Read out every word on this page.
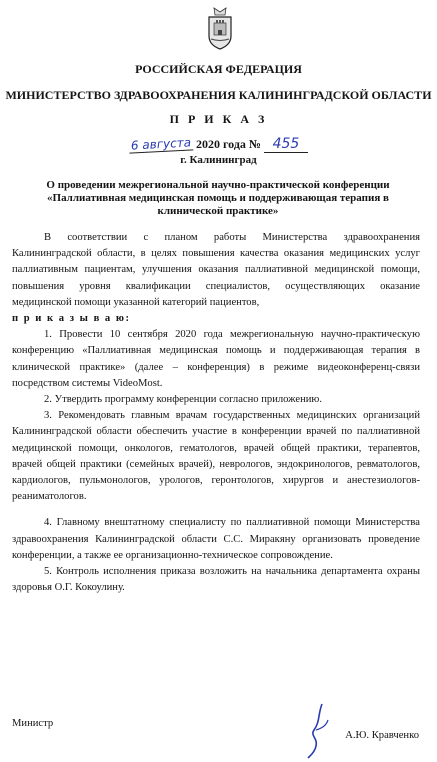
РОССИЙСКАЯ ФЕДЕРАЦИЯ
МИНИСТЕРСТВО ЗДРАВООХРАНЕНИЯ КАЛИНИНГРАДСКОЙ ОБЛАСТИ
П Р И К А З
6 августа 2020 года № 455
г. Калининград
О проведении межрегиональной научно-практической конференции «Паллиативная медицинская помощь и поддерживающая терапия в клинической практике»

В соответствии с планом работы Министерства здравоохранения Калининградской области, в целях повышения качества оказания медицинских услуг паллиативным пациентам, улучшения оказания паллиативной медицинской помощи, повышения уровня квалификации специалистов, осуществляющих оказание медицинской помощи указанной категорий пациентов,

п р и к а з ы в а ю:

1. Провести 10 сентября 2020 года межрегиональную научно-практическую конференцию «Паллиативная медицинская помощь и поддерживающая терапия в клинической практике» (далее – конференция) в режиме видеоконференц-связи посредством системы VideoMost.

2. Утвердить программу конференции согласно приложению.

3. Рекомендовать главным врачам государственных медицинских организаций Калининградской области обеспечить участие в конференции врачей по паллиативной медицинской помощи, онкологов, гематологов, врачей общей практики, терапевтов, врачей общей практики (семейных врачей), неврологов, эндокринологов, ревматологов, кардиологов, пульмонологов, урологов, геронтологов, хирургов и анестезиологов-реаниматологов.

4. Главному внештатному специалисту по паллиативной помощи Министерства здравоохранения Калининградской области С.С. Миракяну организовать проведение конференции, а также ее организационно-техническое сопровождение.

5. Контроль исполнения приказа возложить на начальника департамента охраны здоровья О.Г. Кокоулину.

Министр
А.Ю. Кравченко
